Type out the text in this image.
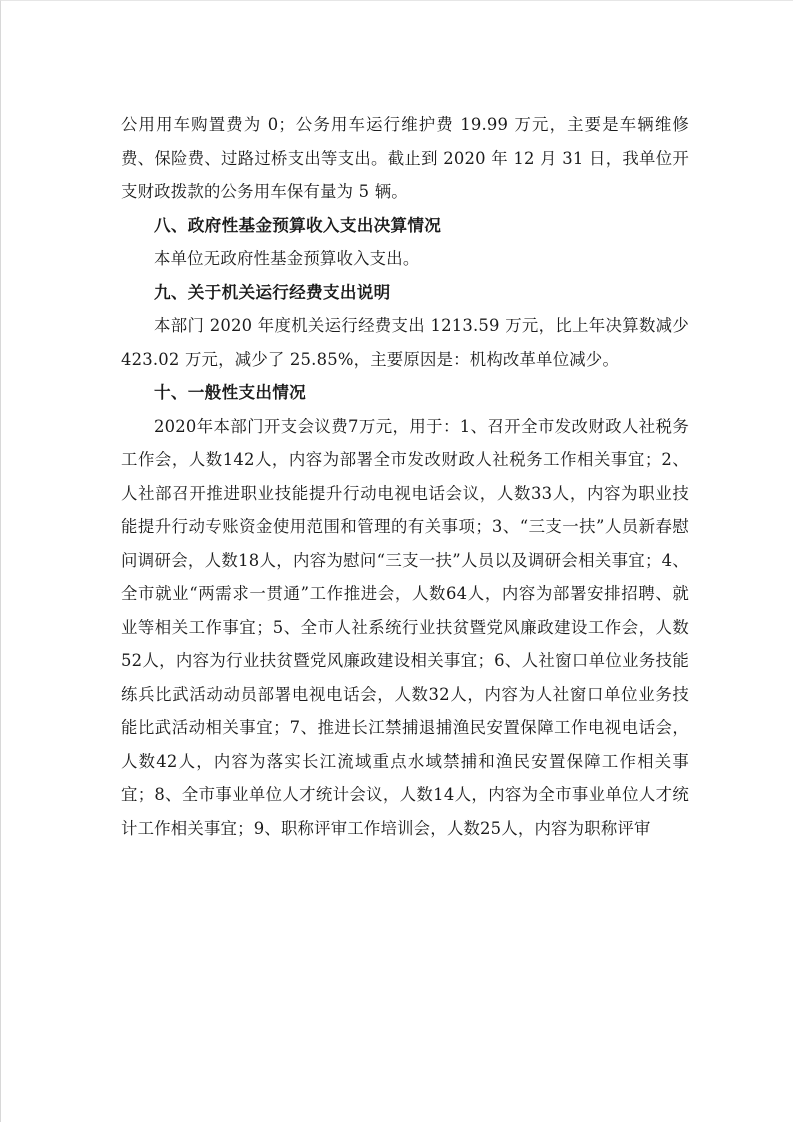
公用用车购置费为 0；公务用车运行维护费 19.99 万元，主要是车辆维修费、保险费、过路过桥支出等支出。截止到 2020 年 12 月 31 日，我单位开支财政拨款的公务用车保有量为 5 辆。

八、政府性基金预算收入支出决算情况

本单位无政府性基金预算收入支出。

九、关于机关运行经费支出说明

本部门 2020 年度机关运行经费支出 1213.59 万元，比上年决算数减少 423.02 万元，减少了 25.85%，主要原因是：机构改革单位减少。

十、一般性支出情况

2020年本部门开支会议费7万元，用于：1、召开全市发改财政人社税务工作会，人数142人，内容为部署全市发改财政人社税务工作相关事宜；2、人社部召开推进职业技能提升行动电视电话会议，人数33人，内容为职业技能提升行动专账资金使用范围和管理的有关事项；3、“三支一扶”人员新春慰问调研会，人数18人，内容为慰问“三支一扶”人员以及调研会相关事宜；4、全市就业“两需求一贯通”工作推进会，人数64人，内容为部署安排招聘、就业等相关工作事宜；5、全市人社系统行业扶贫暨党风廉政建设工作会，人数52人，内容为行业扶贫暨党风廉政建设相关事宜；6、人社窗口单位业务技能练兵比武活动动员部署电视电话会，人数32人，内容为人社窗口单位业务技能比武活动相关事宜；7、推进长江禁捕退捕渔民安置保障工作电视电话会，人数42人，内容为落实长江流域重点水域禁捕和渔民安置保障工作相关事宜；8、全市事业单位人才统计会议，人数14人，内容为全市事业单位人才统计工作相关事宜；9、职称评审工作培训会，人数25人，内容为职称评审
